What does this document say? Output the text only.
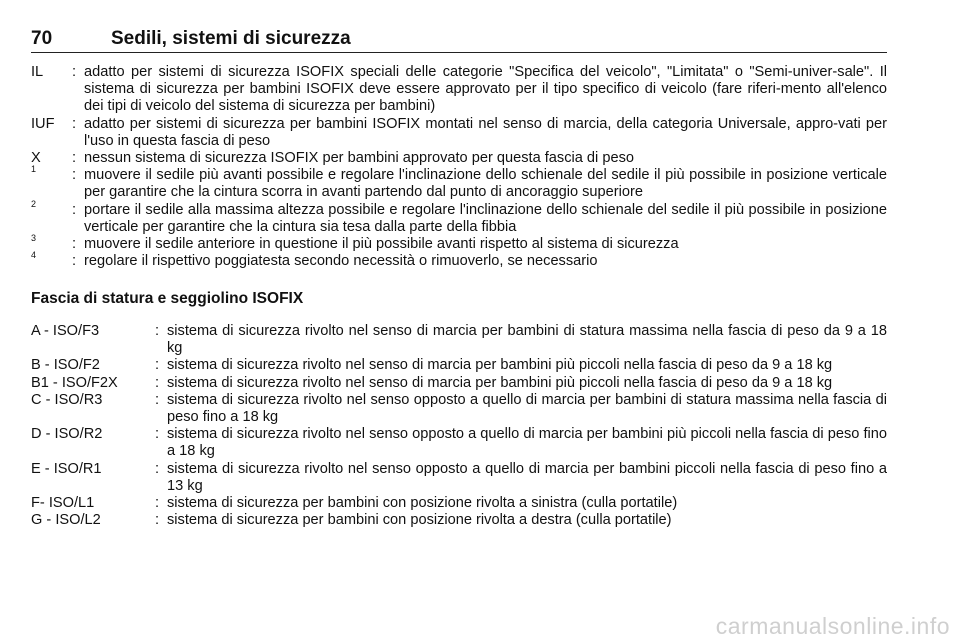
70	Sedili, sistemi di sicurezza
IL	: adatto per sistemi di sicurezza ISOFIX speciali delle categorie "Specifica del veicolo", "Limitata" o "Semi-univer-sale". Il sistema di sicurezza per bambini ISOFIX deve essere approvato per il tipo specifico di veicolo (fare riferi-mento all'elenco dei tipi di veicolo del sistema di sicurezza per bambini)
IUF	: adatto per sistemi di sicurezza per bambini ISOFIX montati nel senso di marcia, della categoria Universale, appro-vati per l'uso in questa fascia di peso
X	: nessun sistema di sicurezza ISOFIX per bambini approvato per questa fascia di peso
$^1$	: muovere il sedile più avanti possibile e regolare l'inclinazione dello schienale del sedile il più possibile in posizione verticale per garantire che la cintura scorra in avanti partendo dal punto di ancoraggio superiore
$^2$	: portare il sedile alla massima altezza possibile e regolare l'inclinazione dello schienale del sedile il più possibile in posizione verticale per garantire che la cintura sia tesa dalla parte della fibbia
$^3$	: muovere il sedile anteriore in questione il più possibile avanti rispetto al sistema di sicurezza
$^4$	: regolare il rispettivo poggiatesta secondo necessità o rimuoverlo, se necessario
Fascia di statura e seggiolino ISOFIX
A - ISO/F3	: sistema di sicurezza rivolto nel senso di marcia per bambini di statura massima nella fascia di peso da 9 a 18 kg
B - ISO/F2	: sistema di sicurezza rivolto nel senso di marcia per bambini più piccoli nella fascia di peso da 9 a 18 kg
B1 - ISO/F2X	: sistema di sicurezza rivolto nel senso di marcia per bambini più piccoli nella fascia di peso da 9 a 18 kg
C - ISO/R3	: sistema di sicurezza rivolto nel senso opposto a quello di marcia per bambini di statura massima nella fascia di peso fino a 18 kg
D - ISO/R2	: sistema di sicurezza rivolto nel senso opposto a quello di marcia per bambini più piccoli nella fascia di peso fino a 18 kg
E - ISO/R1	: sistema di sicurezza rivolto nel senso opposto a quello di marcia per bambini piccoli nella fascia di peso fino a 13 kg
F- ISO/L1	: sistema di sicurezza per bambini con posizione rivolta a sinistra (culla portatile)
G - ISO/L2	: sistema di sicurezza per bambini con posizione rivolta a destra (culla portatile)
carmanualsonline.info
